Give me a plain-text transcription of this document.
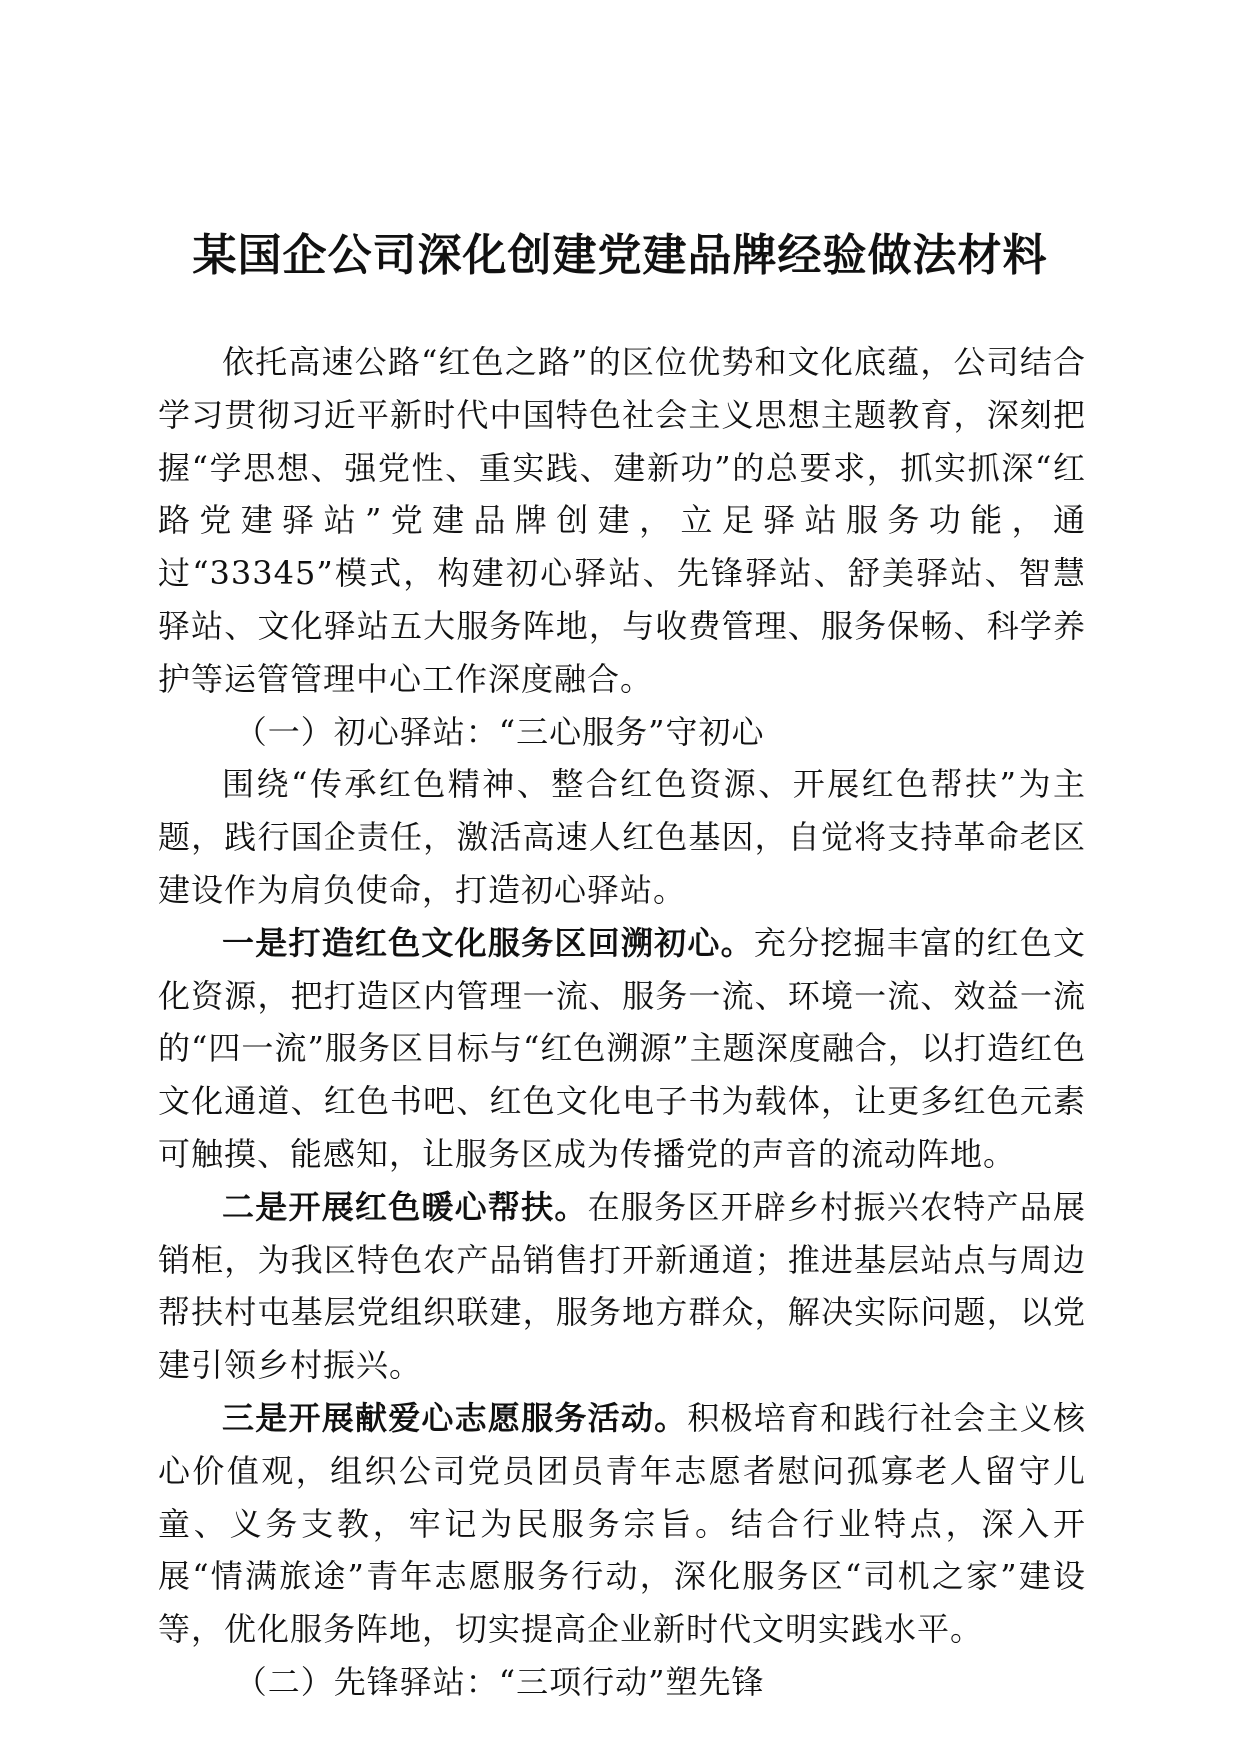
某国企公司深化创建党建品牌经验做法材料

依托高速公路“红色之路”的区位优势和文化底蕴，公司结合学习贯彻习近平新时代中国特色社会主义思想主题教育，深刻把握“学思想、强党性、重实践、建新功”的总要求，抓实抓深“红路党建驿站”党建品牌创建，立足驿站服务功能，通过“33345”模式，构建初心驿站、先锋驿站、舒美驿站、智慧驿站、文化驿站五大服务阵地，与收费管理、服务保畅、科学养护等运管管理中心工作深度融合。

（一）初心驿站：“三心服务”守初心

围绕“传承红色精神、整合红色资源、开展红色帮扶”为主题，践行国企责任，激活高速人红色基因，自觉将支持革命老区建设作为肩负使命，打造初心驿站。

一是打造红色文化服务区回溯初心。充分挖掘丰富的红色文化资源，把打造区内管理一流、服务一流、环境一流、效益一流的“四一流”服务区目标与“红色溯源”主题深度融合，以打造红色文化通道、红色书吧、红色文化电子书为载体，让更多红色元素可触摸、能感知，让服务区成为传播党的声音的流动阵地。

二是开展红色暖心帮扶。在服务区开辟乡村振兴农特产品展销柜，为我区特色农产品销售打开新通道；推进基层站点与周边帮扶村屯基层党组织联建，服务地方群众，解决实际问题，以党建引领乡村振兴。

三是开展献爱心志愿服务活动。积极培育和践行社会主义核心价值观，组织公司党员团员青年志愿者慰问孤寡老人留守儿童、义务支教，牢记为民服务宗旨。结合行业特点，深入开展“情满旅途”青年志愿服务行动，深化服务区“司机之家”建设等，优化服务阵地，切实提高企业新时代文明实践水平。

（二）先锋驿站：“三项行动”塑先锋
